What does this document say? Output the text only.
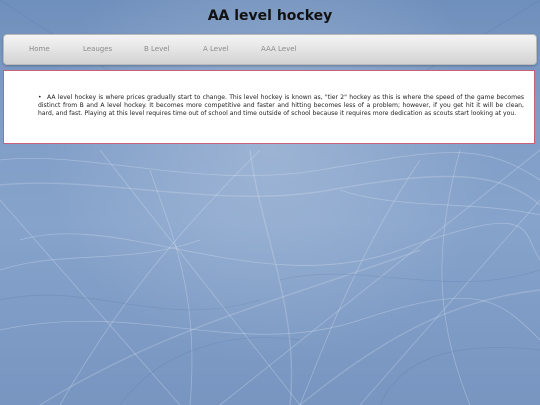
AA level hockey
Home	Leauges	B Level	A Level	AAA Level
• AA level hockey is where prices gradually start to change. This level hockey is known as, "tier 2" hockey as this is where the speed of the game becomes distinct from B and A level hockey. It becomes more competitive and faster and hitting becomes less of a problem; however, if you get hit it will be clean, hard, and fast. Playing at this level requires time out of school and time outside of school because it requires more dedication as scouts start looking at you.
